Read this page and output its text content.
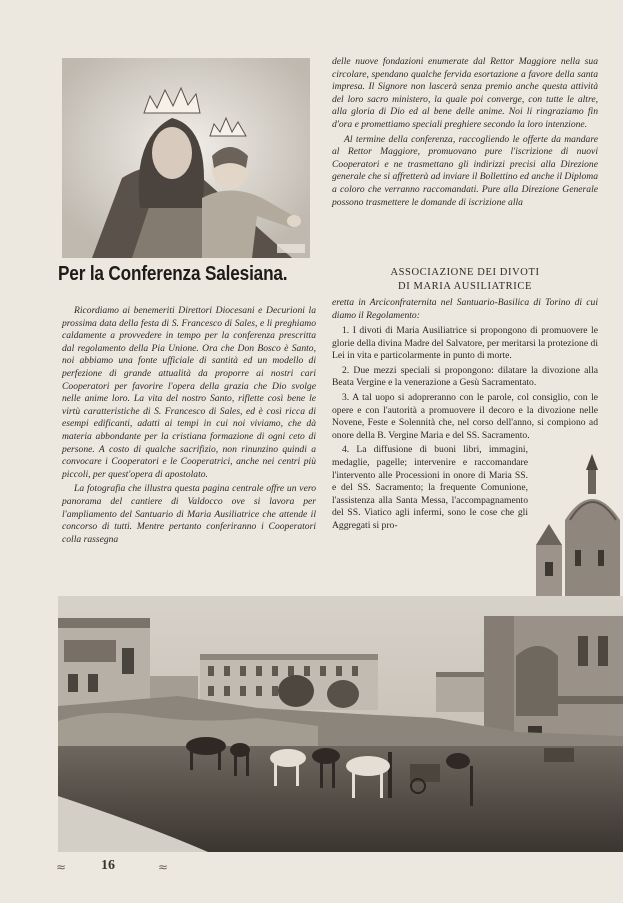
Per la Conferenza Salesiana.

Ricordiamo ai benemeriti Direttori Diocesani e Decurioni la prossima data della festa di S. Francesco di Sales, e li preghiamo caldamente a provvedere in tempo per la conferenza prescritta dal regolamento della Pia Unione. Ora che Don Bosco è Santo, noi abbiamo una fonte ufficiale di santità ed un modello di perfezione di grande attualità da proporre ai nostri cari Cooperatori per favorire l'opera della grazia che Dio svolge nelle anime loro. La vita del nostro Santo, riflette così bene le virtù caratteristiche di S. Francesco di Sales, ed è così ricca di esempi edificanti, adatti ai tempi in cui noi viviamo, che dà materia abbondante per la cristiana formazione di ogni ceto di persone. A costo di qualche sacrifizio, non rinunzino quindi a convocare i Cooperatori e le Cooperatrici, anche nei centri più piccoli, per quest'opera di apostolato.

La fotografia che illustra questa pagina centrale offre un vero panorama del cantiere di Valdocco ove si lavora per l'ampliamento del Santuario di Maria Ausiliatrice che attende il concorso di tutti. Mentre pertanto conferiranno i Cooperatori colla rassegna

delle nuove fondazioni enumerate dal Rettor Maggiore nella sua circolare, spendano qualche fervida esortazione a favore della santa impresa. Il Signore non lascerà senza premio anche questa attività del loro sacro ministero, la quale poi converge, con tutte le altre, alla gloria di Dio ed al bene delle anime. Noi li ringraziamo fin d'ora e promettiamo speciali preghiere secondo la loro intenzione.

Al termine della conferenza, raccogliendo le offerte da mandare al Rettor Maggiore, promuovano pure l'iscrizione di nuovi Cooperatori e ne trasmettano gli indirizzi precisi alla Direzione generale che si affretterà ad inviare il Bollettino ed anche il Diploma a coloro che verranno raccomandati. Pure alla Direzione Generale possono trasmettere le domande di iscrizione alla

ASSOCIAZIONE DEI DIVOTI
DI MARIA AUSILIATRICE
eretta in Arciconfraternita nel Santuario-Basilica di Torino di cui diamo il Regolamento:

1. I divoti di Maria Ausiliatrice si propongono di promuovere le glorie della divina Madre del Salvatore, per meritarsi la protezione di Lei in vita e particolarmente in punto di morte.

2. Due mezzi speciali si propongono: dilatare la divozione alla Beata Vergine e la venerazione a Gesù Sacramentato.

3. A tal uopo si adopreranno con le parole, col consiglio, con le opere e con l'autorità a promuovere il decoro e la divozione nelle Novene, Feste e Solennità che, nel corso dell'anno, si compiono ad onore della B. Vergine Maria e del SS. Sacramento.

4. La diffusione di buoni libri, immagini, medaglie, pagelle; intervenire e raccomandare l'intervento alle Processioni in onore di Maria SS. e del SS. Sacramento; la frequente Comunione, l'assistenza alla Santa Messa, l'accompagnamento del SS. Viatico agli infermi, sono le cose che gli Aggregati si pro-

≈ 16	≈
